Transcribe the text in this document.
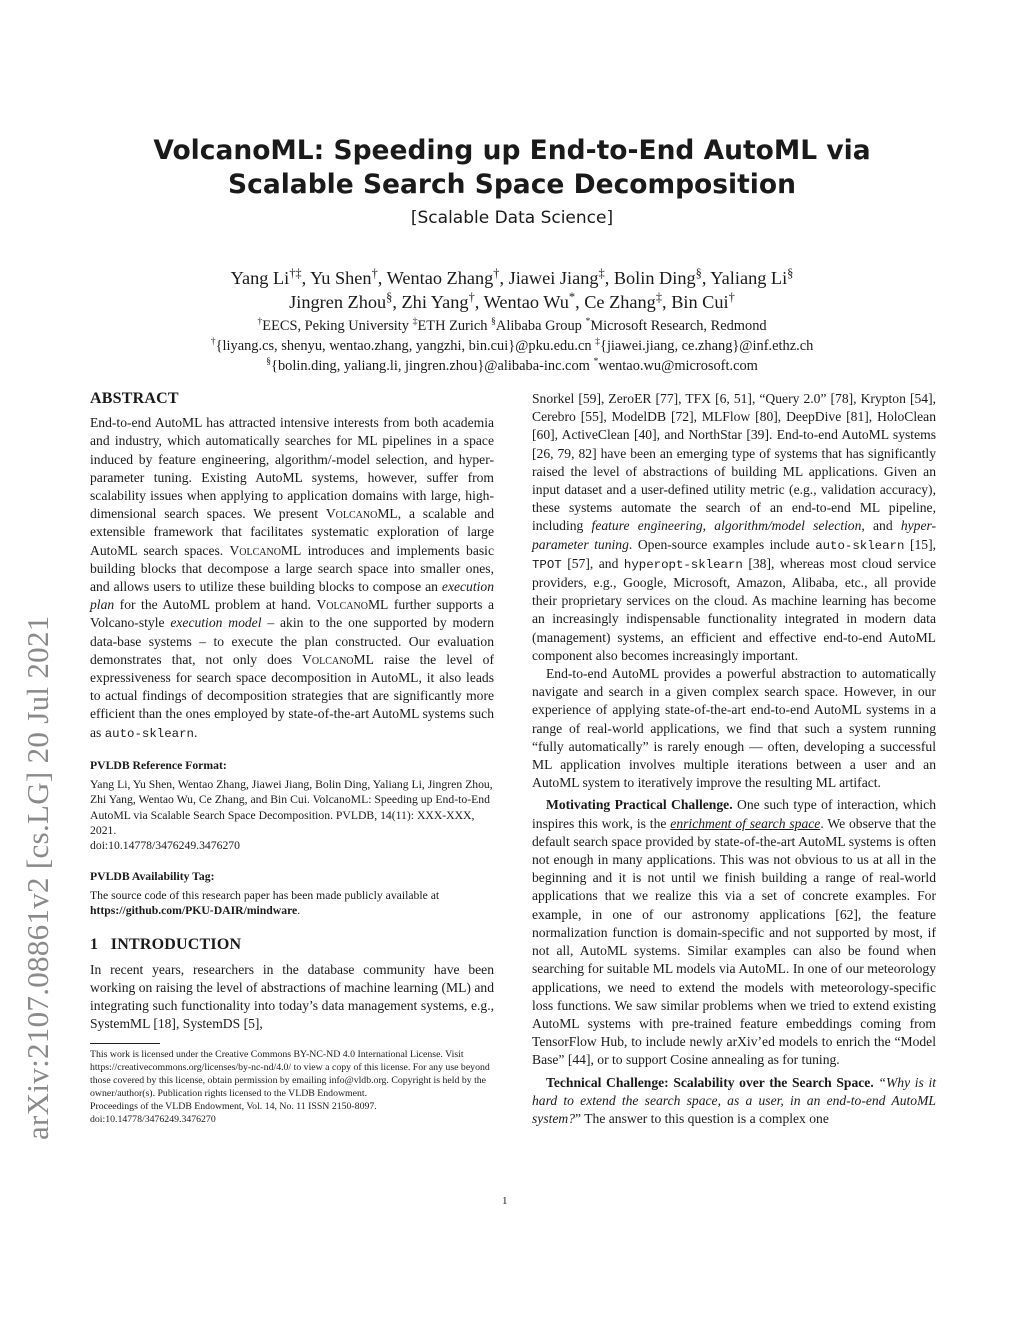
arXiv:2107.08861v2 [cs.LG] 20 Jul 2021
VolcanoML: Speeding up End-to-End AutoML via
Scalable Search Space Decomposition
[Scalable Data Science]
Yang Li†‡, Yu Shen†, Wentao Zhang†, Jiawei Jiang‡, Bolin Ding§, Yaliang Li§
Jingren Zhou§, Zhi Yang†, Wentao Wu*, Ce Zhang‡, Bin Cui†
†EECS, Peking University ‡ETH Zurich §Alibaba Group *Microsoft Research, Redmond
†{liyang.cs, shenyu, wentao.zhang, yangzhi, bin.cui}@pku.edu.cn ‡{jiawei.jiang, ce.zhang}@inf.ethz.ch
§{bolin.ding, yaliang.li, jingren.zhou}@alibaba-inc.com *wentao.wu@microsoft.com
ABSTRACT

End-to-end AutoML has attracted intensive interests from both academia and industry, which automatically searches for ML pipelines in a space induced by feature engineering, algorithm/-model selection, and hyper-parameter tuning. Existing AutoML systems, however, suffer from scalability issues when applying to application domains with large, high-dimensional search spaces. We present VolcanoML, a scalable and extensible framework that facilitates systematic exploration of large AutoML search spaces. VolcanoML introduces and implements basic building blocks that decompose a large search space into smaller ones, and allows users to utilize these building blocks to compose an execution plan for the AutoML problem at hand. VolcanoML further supports a Volcano-style execution model – akin to the one supported by modern data-base systems – to execute the plan constructed. Our evaluation demonstrates that, not only does VolcanoML raise the level of expressiveness for search space decomposition in AutoML, it also leads to actual findings of decomposition strategies that are significantly more efficient than the ones employed by state-of-the-art AutoML systems such as auto-sklearn.

PVLDB Reference Format:
Yang Li, Yu Shen, Wentao Zhang, Jiawei Jiang, Bolin Ding, Yaliang Li, Jingren Zhou, Zhi Yang, Wentao Wu, Ce Zhang, and Bin Cui. VolcanoML: Speeding up End-to-End AutoML via Scalable Search Space Decomposition. PVLDB, 14(11): XXX-XXX, 2021.
doi:10.14778/3476249.3476270
PVLDB Availability Tag:
The source code of this research paper has been made publicly available at https://github.com/PKU-DAIR/mindware.
1   INTRODUCTION

In recent years, researchers in the database community have been working on raising the level of abstractions of machine learning (ML) and integrating such functionality into today’s data management systems, e.g., SystemML [18], SystemDS [5],

This work is licensed under the Creative Commons BY-NC-ND 4.0 International License. Visit https://creativecommons.org/licenses/by-nc-nd/4.0/ to view a copy of this license. For any use beyond those covered by this license, obtain permission by emailing info@vldb.org. Copyright is held by the owner/author(s). Publication rights licensed to the VLDB Endowment.
Proceedings of the VLDB Endowment, Vol. 14, No. 11 ISSN 2150-8097.
doi:10.14778/3476249.3476270

Snorkel [59], ZeroER [77], TFX [6, 51], “Query 2.0” [78], Krypton [54], Cerebro [55], ModelDB [72], MLFlow [80], DeepDive [81], HoloClean [60], ActiveClean [40], and NorthStar [39]. End-to-end AutoML systems [26, 79, 82] have been an emerging type of systems that has significantly raised the level of abstractions of building ML applications. Given an input dataset and a user-defined utility metric (e.g., validation accuracy), these systems automate the search of an end-to-end ML pipeline, including feature engineering, algorithm/model selection, and hyper-parameter tuning. Open-source examples include auto-sklearn [15], TPOT [57], and hyperopt-sklearn [38], whereas most cloud service providers, e.g., Google, Microsoft, Amazon, Alibaba, etc., all provide their proprietary services on the cloud. As machine learning has become an increasingly indispensable functionality integrated in modern data (management) systems, an efficient and effective end-to-end AutoML component also becomes increasingly important.

End-to-end AutoML provides a powerful abstraction to automatically navigate and search in a given complex search space. However, in our experience of applying state-of-the-art end-to-end AutoML systems in a range of real-world applications, we find that such a system running “fully automatically” is rarely enough — often, developing a successful ML application involves multiple iterations between a user and an AutoML system to iteratively improve the resulting ML artifact.

Motivating Practical Challenge. One such type of interaction, which inspires this work, is the enrichment of search space. We observe that the default search space provided by state-of-the-art AutoML systems is often not enough in many applications. This was not obvious to us at all in the beginning and it is not until we finish building a range of real-world applications that we realize this via a set of concrete examples. For example, in one of our astronomy applications [62], the feature normalization function is domain-specific and not supported by most, if not all, AutoML systems. Similar examples can also be found when searching for suitable ML models via AutoML. In one of our meteorology applications, we need to extend the models with meteorology-specific loss functions. We saw similar problems when we tried to extend existing AutoML systems with pre-trained feature embeddings coming from TensorFlow Hub, to include newly arXiv’ed models to enrich the “Model Base” [44], or to support Cosine annealing as for tuning.

Technical Challenge: Scalability over the Search Space. “Why is it hard to extend the search space, as a user, in an end-to-end AutoML system?” The answer to this question is a complex one

1
